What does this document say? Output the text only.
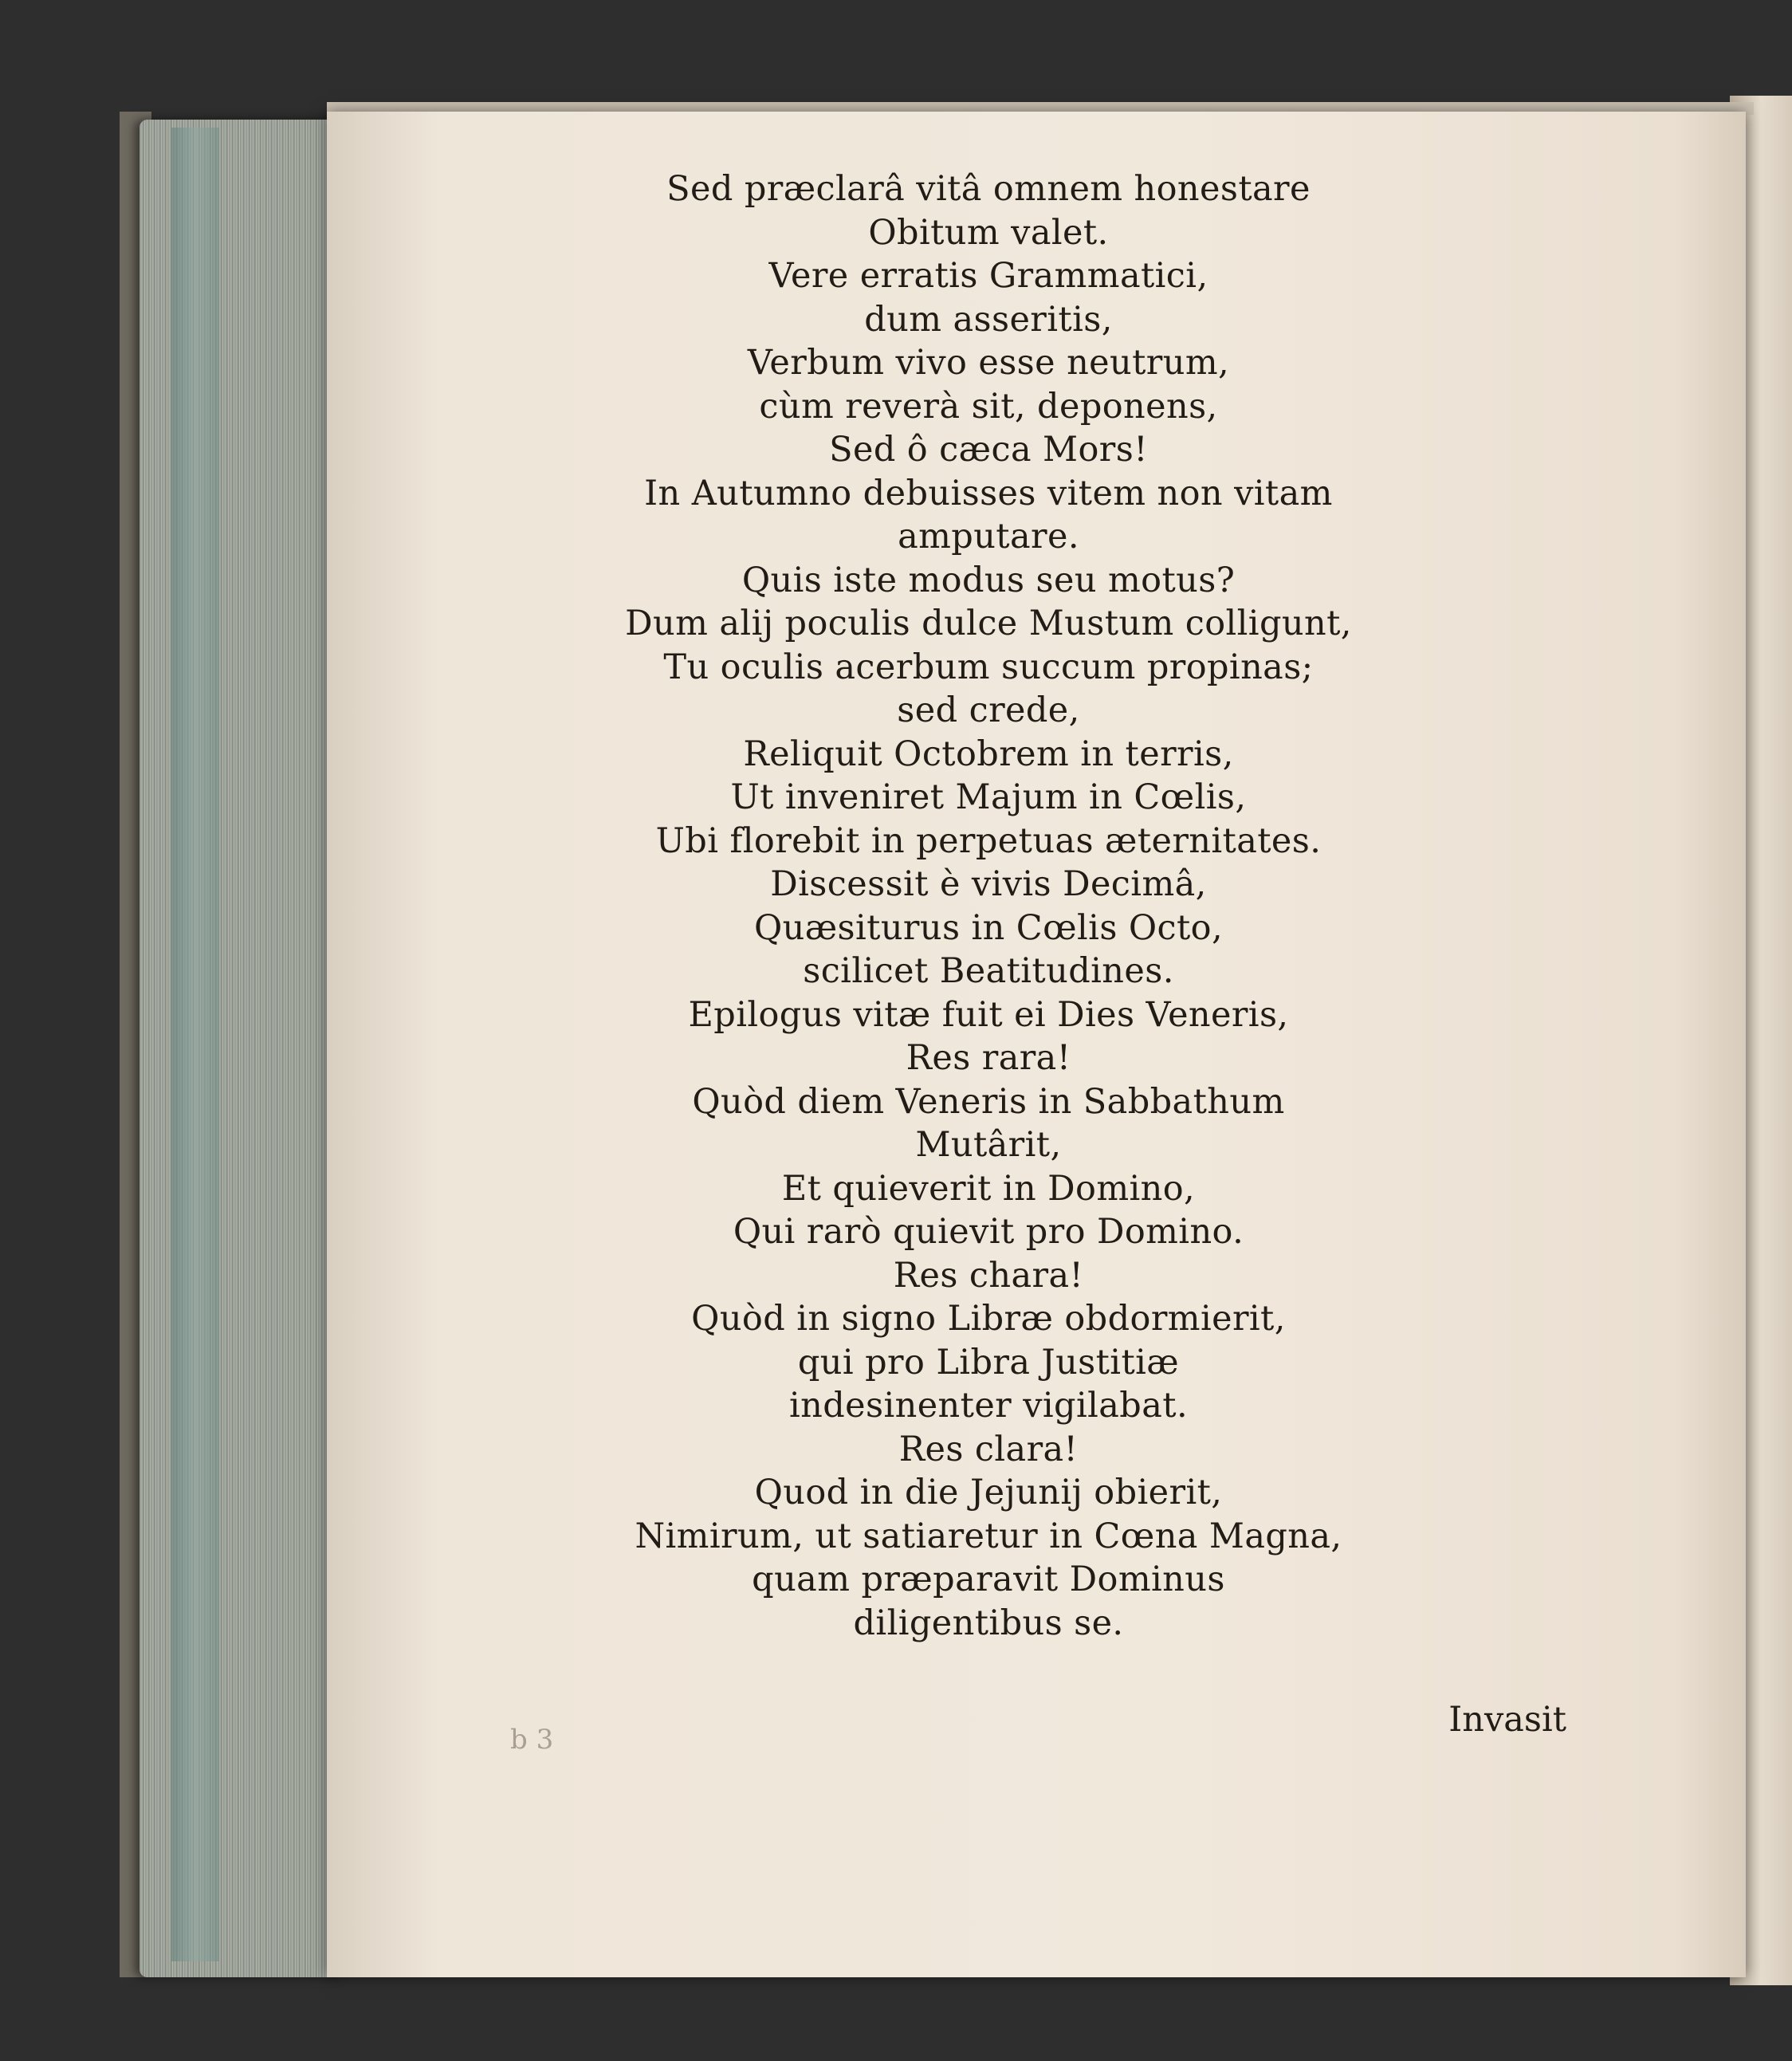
Sed præclarâ vitâ omnem honestare
Obitum valet.
Vere erratis Grammatici,
dum asseritis,
Verbum vivo esse neutrum,
cùm reverà sit, deponens,
Sed ô cæca Mors!
In Autumno debuisses vitem non vitam
amputare.
Quis iste modus seu motus?
Dum alij poculis dulce Mustum colligunt,
Tu oculis acerbum succum propinas;
sed crede,
Reliquit Octobrem in terris,
Ut inveniret Majum in Cœlis,
Ubi florebit in perpetuas æternitates.
Discessit è vivis Decimâ,
Quæsiturus in Cœlis Octo,
scilicet Beatitudines.
Epilogus vitæ fuit ei Dies Veneris,
Res rara!
Quòd diem Veneris in Sabbathum
Mutârit,
Et quieverit in Domino,
Qui rarò quievit pro Domino.
Res chara!
Quòd in signo Libræ obdormierit,
qui pro Libra Justitiæ
indesinenter vigilabat.
Res clara!
Quod in die Jejunij obierit,
Nimirum, ut satiaretur in Cœna Magna,
quam præparavit Dominus
diligentibus se.
b 3	Invasit
